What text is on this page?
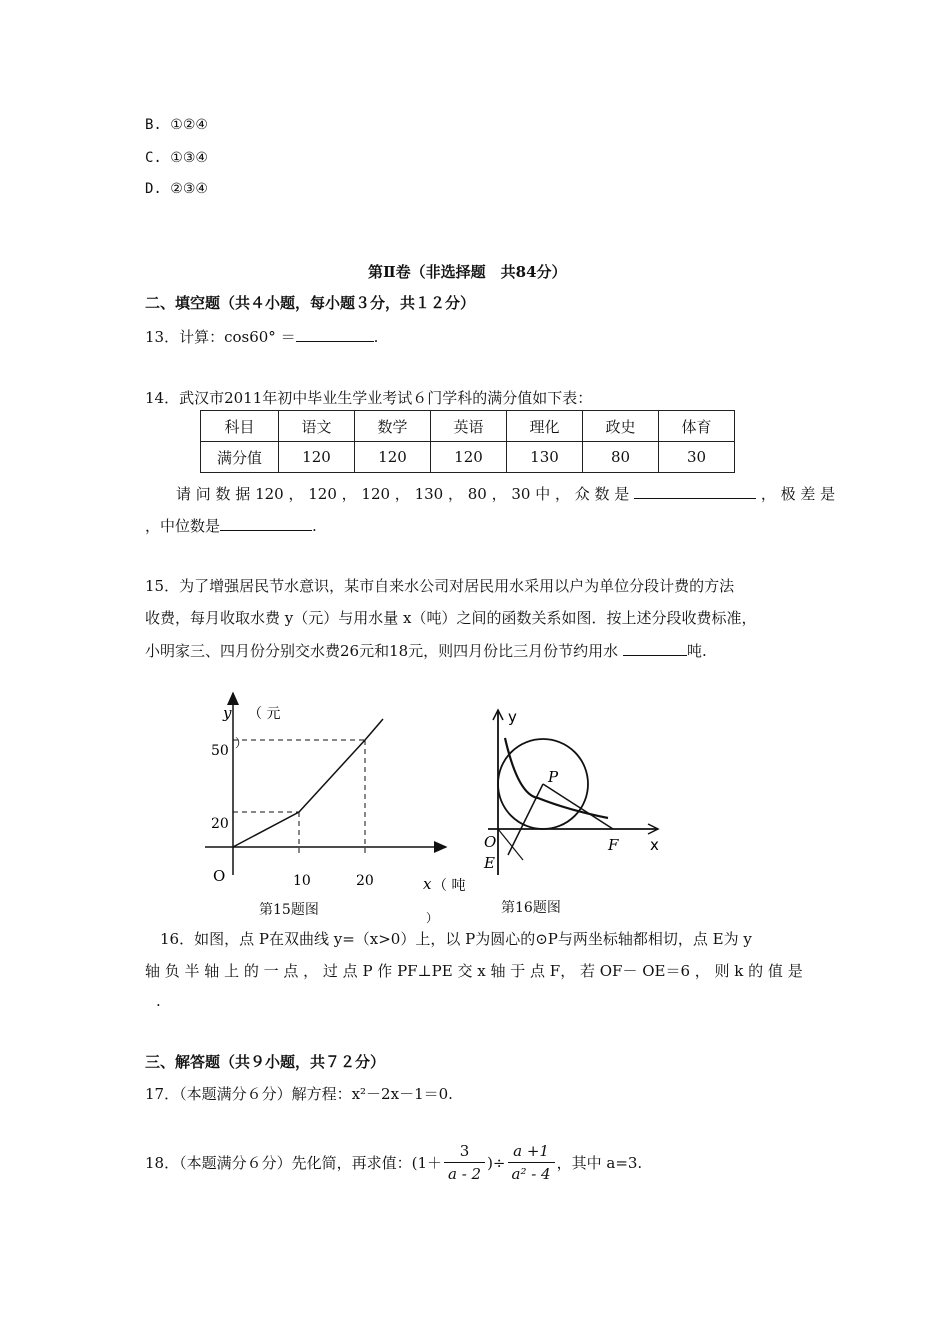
B. ①②④
C. ①③④
D. ②③④
第Ⅱ卷（非选择题　共84分）
二、填空题（共４小题，每小题３分，共１２分）
13．计算：cos60° ＝	.
14．武汉市2011年初中毕业生学业考试６门学科的满分值如下表：
科目	语文	数学	英语	理化	政史	体育
满分值	120	120	120	130	80	30
请 问 数 据 120 ， 120 ， 120 ， 130 ， 80 ， 30 中 ， 众 数 是	， 极 差 是
，中位数是	.
15．为了增强居民节水意识，某市自来水公司对居民用水采用以户为单位分段计费的方法
收费，每月收取水费 y（元）与用水量 x（吨）之间的函数关系如图．按上述分段收费标准，
小明家三、四月份分别交水费26元和18元，则四月份比三月份节约用水	吨.
y （ 元
）
50
20
O	10	20	x （ 吨
）
第15题图
y
x
O
P
E
F
第16题图
16．如图，点 P在双曲线 y=（x>0）上，以 P为圆心的⊙P与两坐标轴都相切，点 E为 y
轴 负 半 轴 上 的 一 点 ， 过 点 P 作 PF⊥PE 交 x 轴 于 点 F， 若 OF－ OE＝6 ， 则 k 的 值 是
.
三、解答题（共９小题，共７２分）
17．（本题满分６分）解方程：x²－2x－1＝0.
18．（本题满分６分）先化简，再求值：($1+ \frac{3}{a - 2}$ )÷ $\frac{a +1}{\text{a² - 4}}$ ，其中 a=3.
